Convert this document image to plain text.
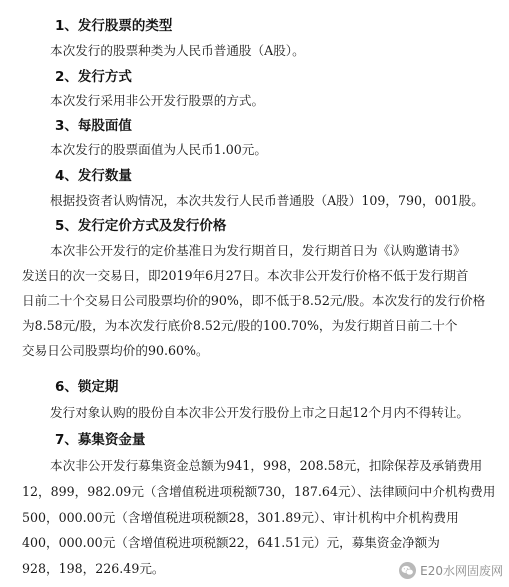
1、发行股票的类型
本次发行的股票种类为人民币普通股（A股）。
2、发行方式
本次发行采用非公开发行股票的方式。
3、每股面值
本次发行的股票面值为人民币1.00元。
4、发行数量
根据投资者认购情况，本次共发行人民币普通股（A股）109，790，001股。
5、发行定价方式及发行价格
本次非公开发行的定价基准日为发行期首日，发行期首日为《认购邀请书》
发送日的次一交易日，即2019年6月27日。本次非公开发行价格不低于发行期首
日前二十个交易日公司股票均价的90%，即不低于8.52元/股。本次发行的发行价格
为8.58元/股，为本次发行底价8.52元/股的100.70%，为发行期首日前二十个
交易日公司股票均价的90.60%。
6、锁定期
发行对象认购的股份自本次非公开发行股份上市之日起12个月内不得转让。
7、募集资金量
本次非公开发行募集资金总额为941，998，208.58元，扣除保荐及承销费用
12，899，982.09元（含增值税进项税额730，187.64元）、法律顾问中介机构费用
500，000.00元（含增值税进项税额28，301.89元）、审计机构中介机构费用
400，000.00元（含增值税进项税额22，641.51元）元，募集资金净额为
928，198，226.49元。	E20水网固废网
